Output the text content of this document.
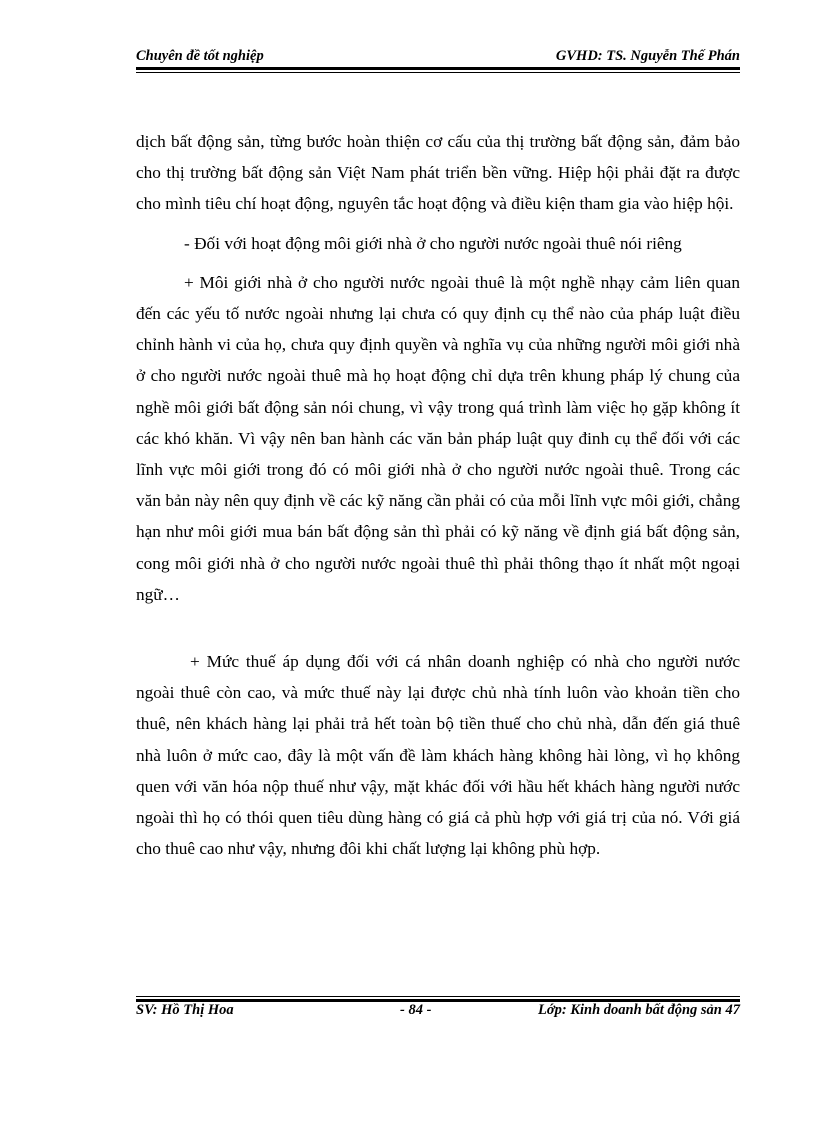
Chuyên đề tốt nghiệp	GVHD: TS. Nguyễn Thế Phán

dịch bất động sản, từng bước hoàn thiện cơ cấu của thị trường bất động sản, đảm bảo cho thị trường bất động sản Việt Nam phát triển bền vững. Hiệp hội phải đặt ra được cho mình tiêu chí hoạt động, nguyên tắc hoạt động và điều kiện tham gia vào hiệp hội.

- Đối với hoạt động môi giới nhà ở cho người nước ngoài thuê nói riêng

+ Môi giới nhà ở cho người nước ngoài thuê là một nghề nhạy cảm liên quan đến các yếu tố nước ngoài nhưng lại chưa có quy định cụ thể nào của pháp luật điều chỉnh hành vi của họ, chưa quy định quyền và nghĩa vụ của những người môi giới nhà ở cho người nước ngoài thuê mà họ hoạt động chỉ dựa trên khung pháp lý chung của nghề môi giới bất động sản nói chung, vì vậy trong quá trình làm việc họ gặp không ít các khó khăn. Vì vậy nên ban hành các văn bản pháp luật quy đinh cụ thể đối với các lĩnh vực môi giới trong đó có môi giới nhà ở cho người nước ngoài thuê. Trong các văn bản này nên quy định về các kỹ năng cần phải có của mỗi lĩnh vực môi giới, chẳng hạn như môi giới mua bán bất động sản thì phải có kỹ năng về định giá bất động sản, cong môi giới nhà ở cho người nước ngoài thuê thì phải thông thạo ít nhất một ngoại ngữ…

+ Mức thuế áp dụng đối với cá nhân doanh nghiệp có nhà cho người nước ngoài thuê còn cao, và mức thuế này lại được chủ nhà tính luôn vào khoản tiền cho thuê, nên khách hàng lại phải trả hết toàn bộ tiền thuế cho chủ nhà, dẫn đến giá thuê nhà luôn ở mức cao, đây là một vấn đề làm khách hàng không hài lòng, vì họ không quen với văn hóa nộp thuế như vậy, mặt khác đối với hầu hết khách hàng người nước ngoài thì họ có thói quen tiêu dùng hàng có giá cả phù hợp với giá trị của nó. Với giá cho thuê cao như vậy, nhưng đôi khi chất lượng lại không phù hợp.

SV: Hồ Thị Hoa	- 84 -	Lớp: Kinh doanh bất động sản 47
